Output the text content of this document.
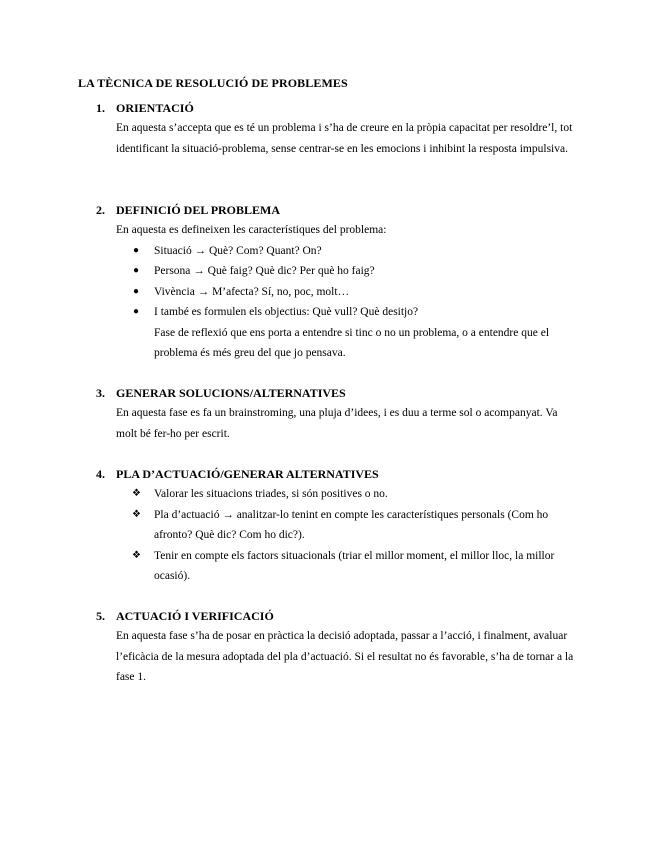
LA TÈCNICA DE RESOLUCIÓ DE PROBLEMES
1. ORIENTACIÓ
En aquesta s’accepta que es té un problema i s’ha de creure en la pròpia capacitat per resoldre’l, tot identificant la situació-problema, sense centrar-se en les emocions i inhibint la resposta impulsiva.
2. DEFINICIÓ DEL PROBLEMA
En aquesta es defineixen les característiques del problema:
● Situació → Què? Com? Quant? On?
● Persona → Què faig? Què dic? Per què ho faig?
● Vivència → M’afecta? Sí, no, poc, molt…
● I també es formulen els objectius: Què vull? Què desitjo?
Fase de reflexió que ens porta a entendre si tinc o no un problema, o a entendre que el problema és més greu del que jo pensava.
3. GENERAR SOLUCIONS/ALTERNATIVES
En aquesta fase es fa un brainstroming, una pluja d’idees, i es duu a terme sol o acompanyat. Va molt bé fer-ho per escrit.
4. PLA D’ACTUACIÓ/GENERAR ALTERNATIVES
❖ Valorar les situacions triades, si són positives o no.
❖ Pla d’actuació → analitzar-lo tenint en compte les característiques personals (Com ho afronto? Què dic? Com ho dic?).
❖ Tenir en compte els factors situacionals (triar el millor moment, el millor lloc, la millor ocasió).
5. ACTUACIÓ I VERIFICACIÓ
En aquesta fase s’ha de posar en pràctica la decisió adoptada, passar a l’acció, i finalment, avaluar l’eficàcia de la mesura adoptada del pla d’actuació. Si el resultat no és favorable, s’ha de tornar a la fase 1.
